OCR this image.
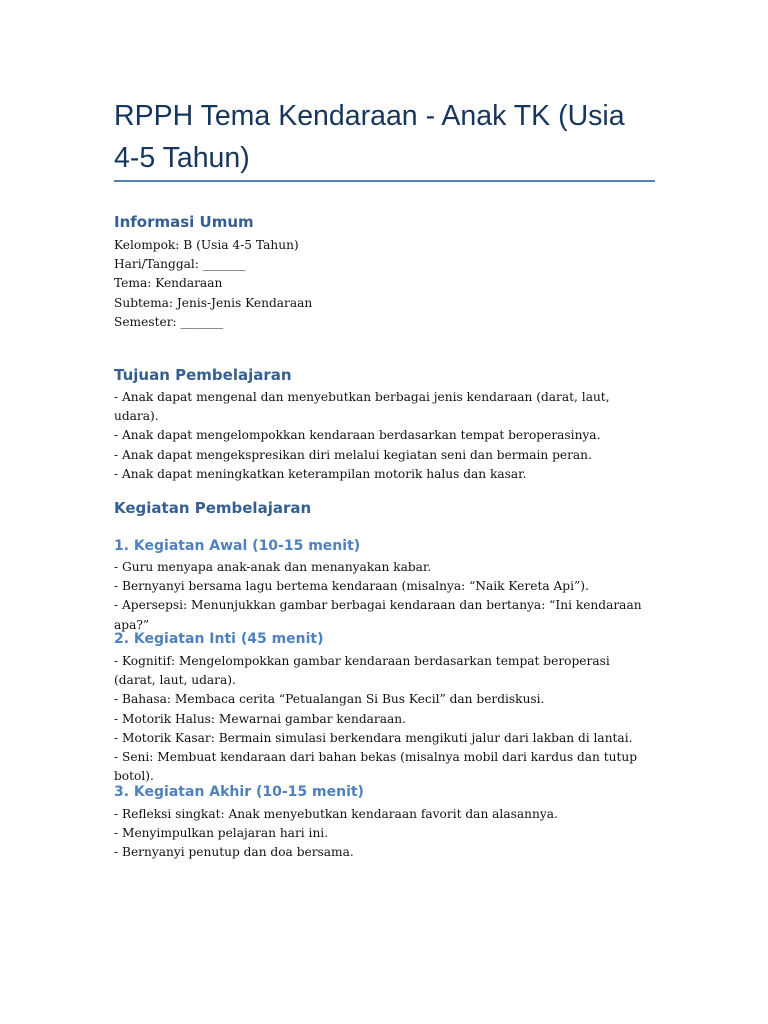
RPPH Tema Kendaraan - Anak TK (Usia 4-5 Tahun)
Informasi Umum
Kelompok: B (Usia 4-5 Tahun)
Hari/Tanggal: _______
Tema: Kendaraan
Subtema: Jenis-Jenis Kendaraan
Semester: _______
Tujuan Pembelajaran
- Anak dapat mengenal dan menyebutkan berbagai jenis kendaraan (darat, laut, udara).
- Anak dapat mengelompokkan kendaraan berdasarkan tempat beroperasinya.
- Anak dapat mengekspresikan diri melalui kegiatan seni dan bermain peran.
- Anak dapat meningkatkan keterampilan motorik halus dan kasar.
Kegiatan Pembelajaran
1. Kegiatan Awal (10-15 menit)
- Guru menyapa anak-anak dan menanyakan kabar.
- Bernyanyi bersama lagu bertema kendaraan (misalnya: “Naik Kereta Api”).
- Apersepsi: Menunjukkan gambar berbagai kendaraan dan bertanya: “Ini kendaraan apa?”
2. Kegiatan Inti (45 menit)
- Kognitif: Mengelompokkan gambar kendaraan berdasarkan tempat beroperasi (darat, laut, udara).
- Bahasa: Membaca cerita “Petualangan Si Bus Kecil” dan berdiskusi.
- Motorik Halus: Mewarnai gambar kendaraan.
- Motorik Kasar: Bermain simulasi berkendara mengikuti jalur dari lakban di lantai.
- Seni: Membuat kendaraan dari bahan bekas (misalnya mobil dari kardus dan tutup botol).
3. Kegiatan Akhir (10-15 menit)
- Refleksi singkat: Anak menyebutkan kendaraan favorit dan alasannya.
- Menyimpulkan pelajaran hari ini.
- Bernyanyi penutup dan doa bersama.
